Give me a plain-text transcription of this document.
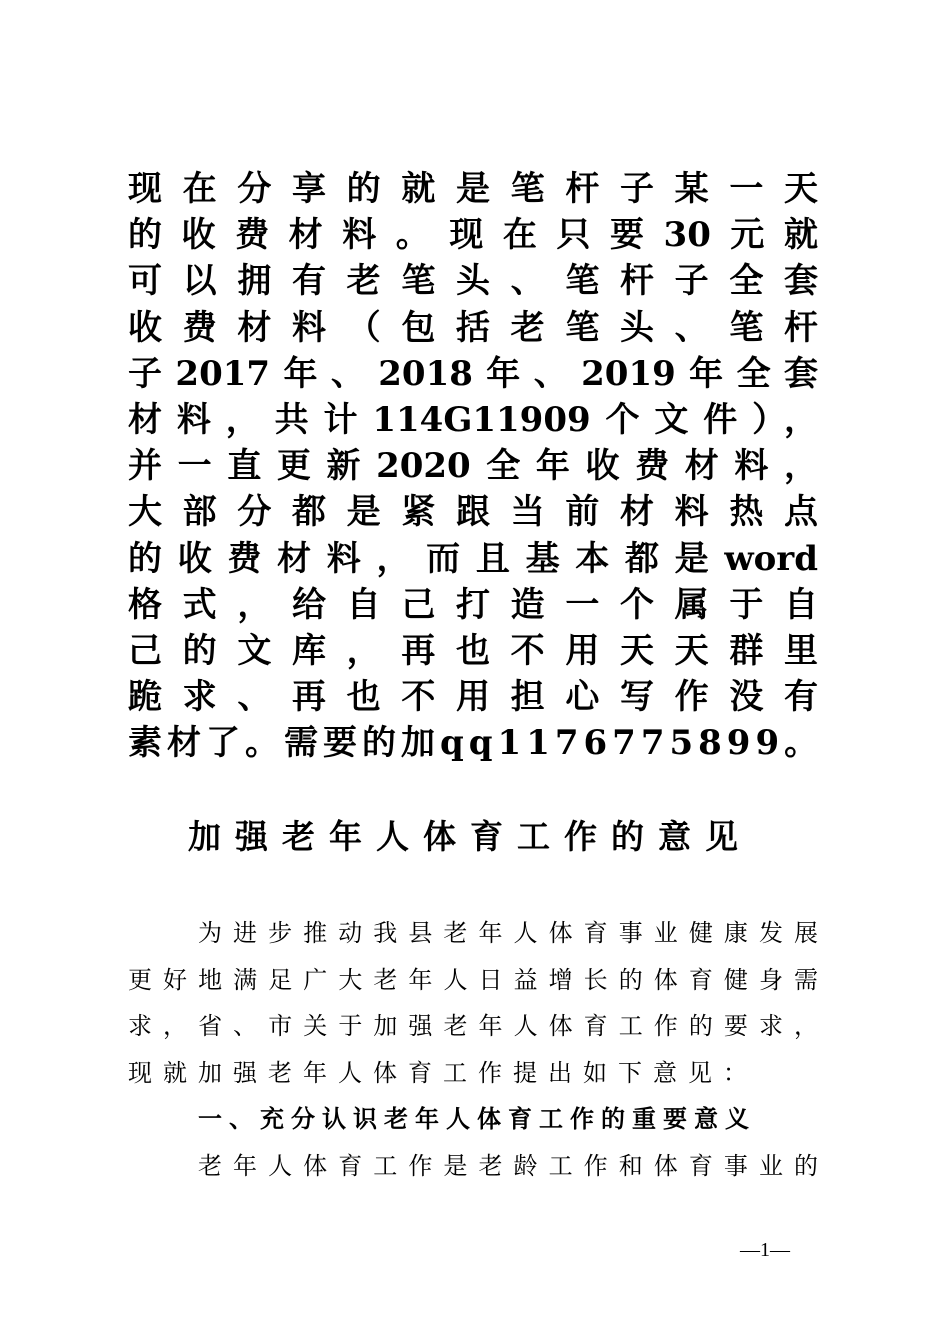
现在分享的就是笔杆子某一天
的收费材料。现在只要30元就
可以拥有老笔头、笔杆子全套
收费材料（包括老笔头、笔杆
子2017年、2018年、2019年全套
材料，共计114G11909个文件），
并一直更新2020全年收费材料，
大部分都是紧跟当前材料热点
的收费材料，而且基本都是word
格式，给自己打造一个属于自
己的文库，再也不用天天群里
跪求、再也不用担心写作没有
素材了。需要的加qq1176775899。
加强老年人体育工作的意见
为进步推动我县老年人体育事业健康发展
更好地满足广大老年人日益增长的体育健身需
求，省、市关于加强老年人体育工作的要求，
现就加强老年人体育工作提出如下意见：
一、充分认识老年人体育工作的重要意义
老年人体育工作是老龄工作和体育事业的
—1—
